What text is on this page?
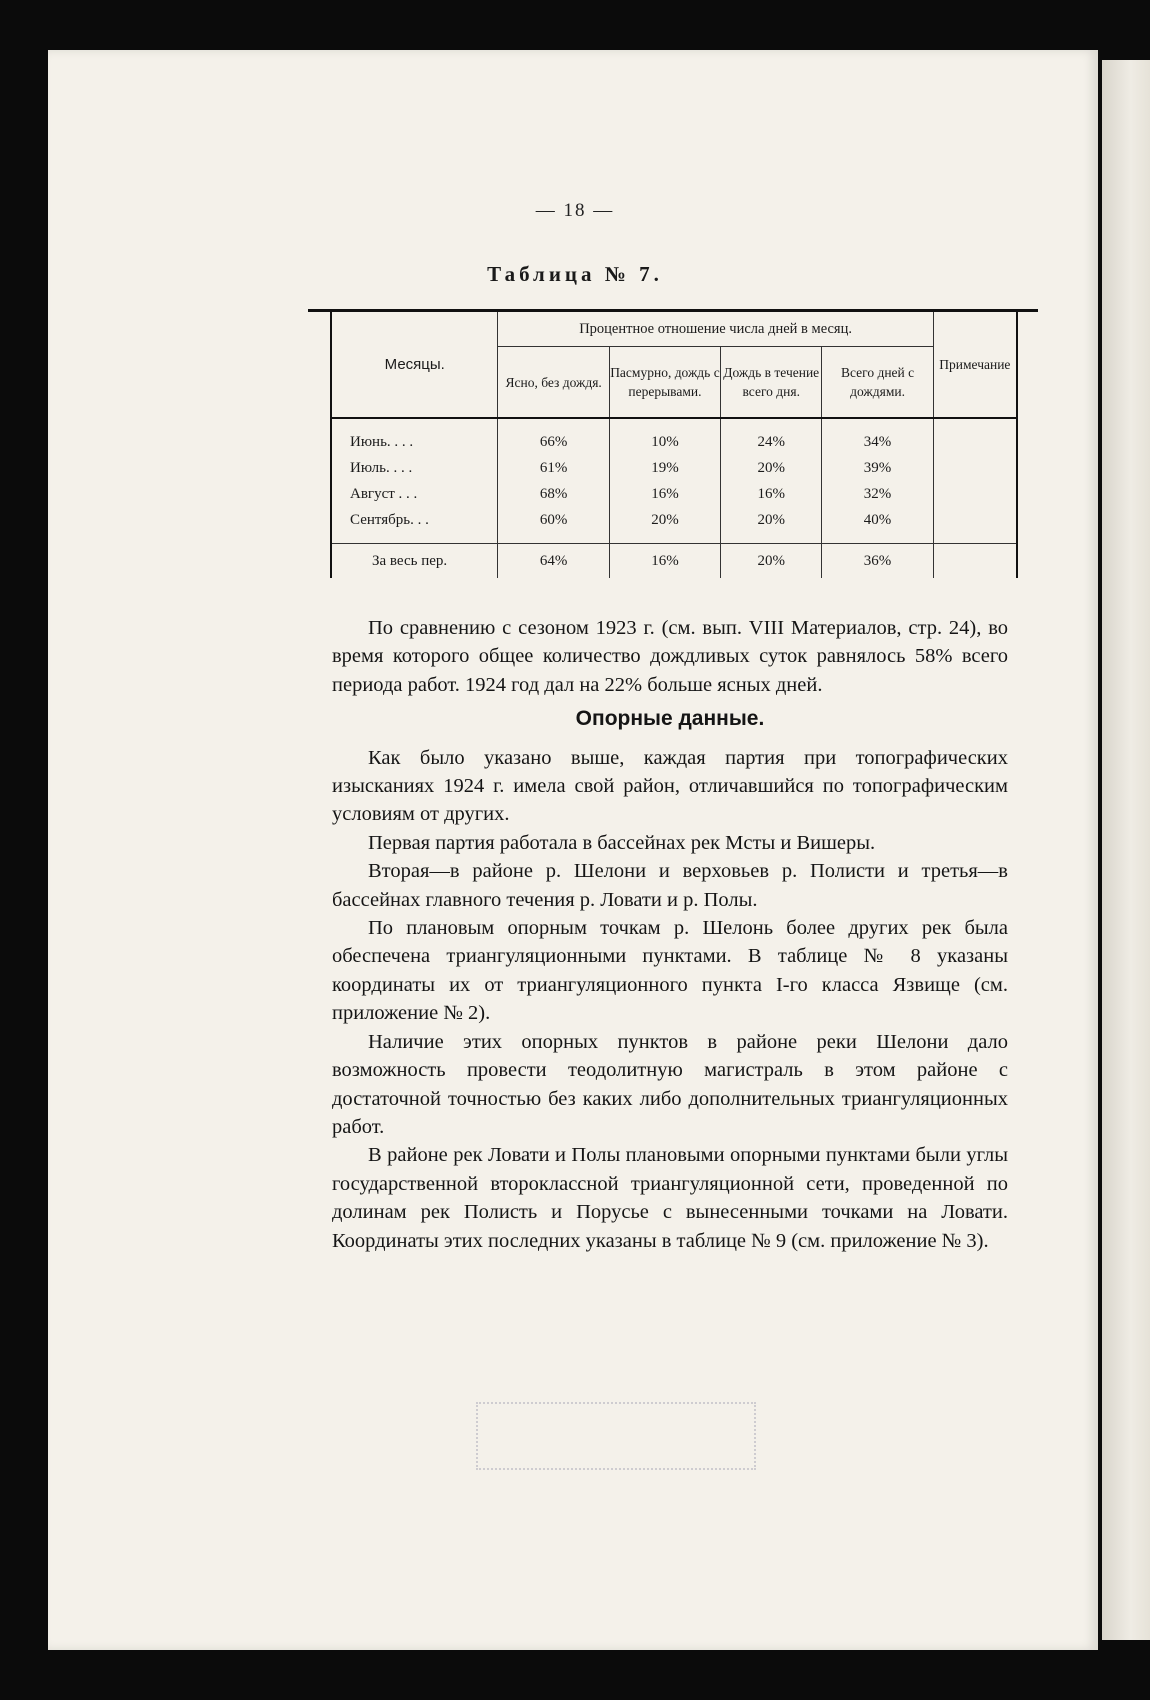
— 18 —
Таблица № 7.
Месяцы.	Процентное отношение числа дней в месяц.				Примечание
	Ясно, без дождя.	Пасмурно, дождь с перерывами.	Дождь в течение всего дня.	Всего дней с дождями.	

Июнь. . . .	66%	10%	24%	34%	
Июль. . . .	61%	19%	20%	39%	
Август . . .	68%	16%	16%	32%	
Сентябрь. . .	60%	20%	20%	40%	

За весь пер.	64%	16%	20%	36%	

По сравнению с сезоном 1923 г. (см. вып. VIII Материалов, стр. 24), во время которого общее количество дождливых суток равнялось 58% всего периода работ. 1924 год дал на 22% больше ясных дней.

Опорные данные.

Как было указано выше, каждая партия при топографических изысканиях 1924 г. имела свой район, отличавшийся по топографическим условиям от других.

Первая партия работала в бассейнах рек Мсты и Вишеры.

Вторая—в районе р. Шелони и верховьев р. Полисти и третья—в бассейнах главного течения р. Ловати и р. Полы.

По плановым опорным точкам р. Шелонь более других рек была обеспечена триангуляционными пунктами. В таблице № 8 указаны координаты их от триангуляционного пункта I-го класса Язвище (см. приложение № 2).

Наличие этих опорных пунктов в районе реки Шелони дало возможность провести теодолитную магистраль в этом районе с достаточной точностью без каких либо дополнительных триангуляционных работ.

В районе рек Ловати и Полы плановыми опорными пунктами были углы государственной второклассной триангуляционной сети, проведенной по долинам рек Полисть и Порусье с вынесенными точками на Ловати. Координаты этих последних указаны в таблице № 9 (см. приложение № 3).
